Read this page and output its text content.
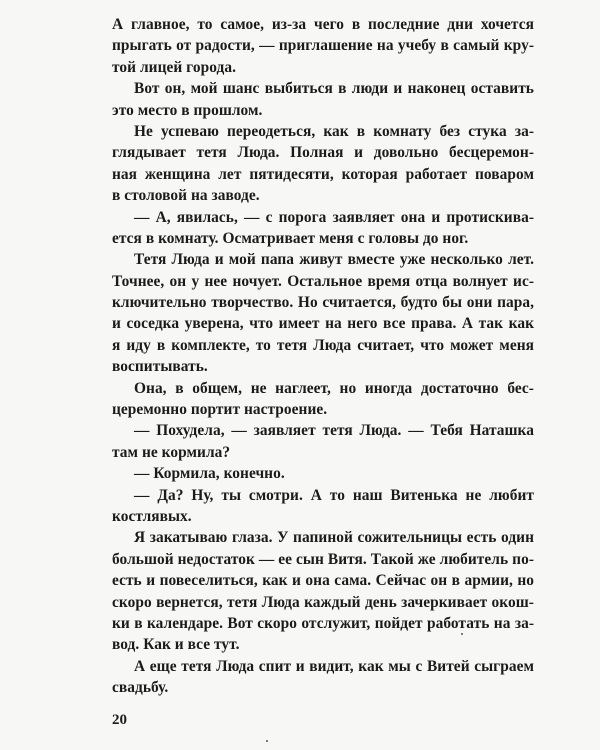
А главное, то самое, из-за чего в последние дни хочется
прыгать от радости, — приглашение на учебу в самый кру-
той лицей города.
Вот он, мой шанс выбиться в люди и наконец оставить
это место в прошлом.
Не успеваю переодеться, как в комнату без стука за-
глядывает тетя Люда. Полная и довольно бесцеремон-
ная женщина лет пятидесяти, которая работает поваром
в столовой на заводе.
— А, явилась, — с порога заявляет она и протискива-
ется в комнату. Осматривает меня с головы до ног.
Тетя Люда и мой папа живут вместе уже несколько лет.
Точнее, он у нее ночует. Остальное время отца волнует ис-
ключительно творчество. Но считается, будто бы они пара,
и соседка уверена, что имеет на него все права. А так как
я иду в комплекте, то тетя Люда считает, что может меня
воспитывать.
Она, в общем, не наглеет, но иногда достаточно бес-
церемонно портит настроение.
— Похудела, — заявляет тетя Люда. — Тебя Наташка
там не кормила?
— Кормила, конечно.
— Да? Ну, ты смотри. А то наш Витенька не любит
костлявых.
Я закатываю глаза. У папиной сожительницы есть один
большой недостаток — ее сын Витя. Такой же любитель по-
есть и повеселиться, как и она сама. Сейчас он в армии, но
скоро вернется, тетя Люда каждый день зачеркивает окош-
ки в календаре. Вот скоро отслужит, пойдет работать на за-
вод. Как и все тут.
А еще тетя Люда спит и видит, как мы с Витей сыграем
свадьбу.
20
